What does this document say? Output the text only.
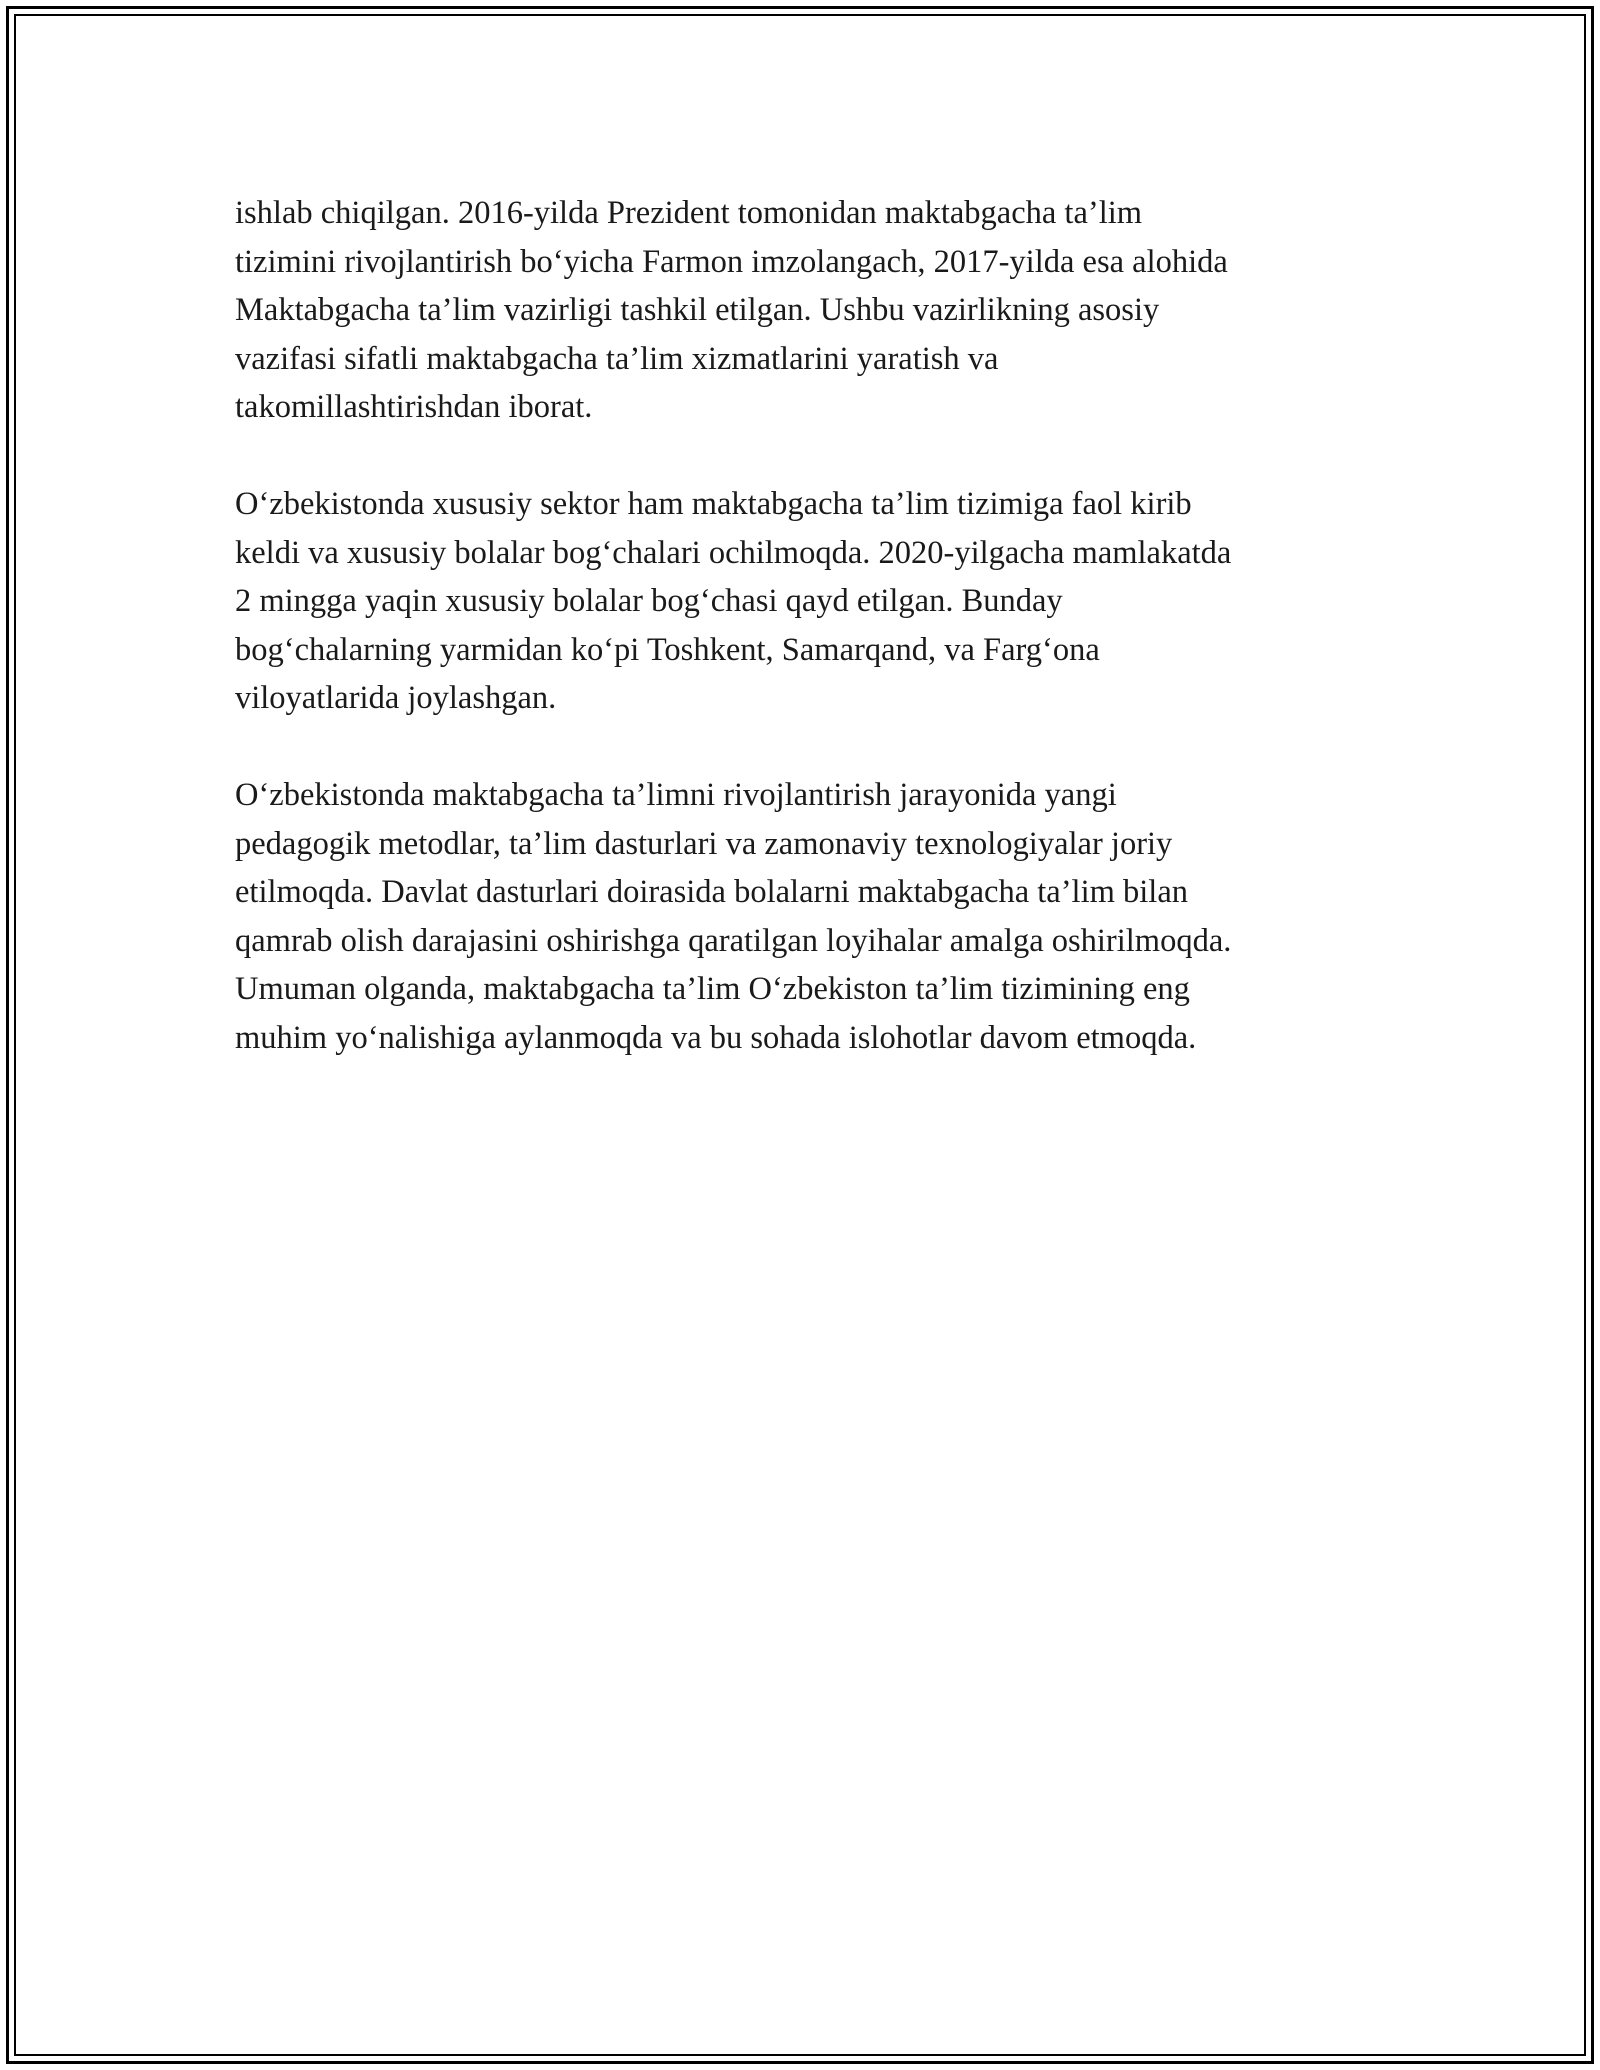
ishlab chiqilgan. 2016-yilda Prezident tomonidan maktabgacha ta’lim
tizimini rivojlantirish bo‘yicha Farmon imzolangach, 2017-yilda esa alohida
Maktabgacha ta’lim vazirligi tashkil etilgan. Ushbu vazirlikning asosiy
vazifasi sifatli maktabgacha ta’lim xizmatlarini yaratish va
takomillashtirishdan iborat.

O‘zbekistonda xususiy sektor ham maktabgacha ta’lim tizimiga faol kirib
keldi va xususiy bolalar bog‘chalari ochilmoqda. 2020-yilgacha mamlakatda
2 mingga yaqin xususiy bolalar bog‘chasi qayd etilgan. Bunday
bog‘chalarning yarmidan ko‘pi Toshkent, Samarqand, va Farg‘ona
viloyatlarida joylashgan.

O‘zbekistonda maktabgacha ta’limni rivojlantirish jarayonida yangi
pedagogik metodlar, ta’lim dasturlari va zamonaviy texnologiyalar joriy
etilmoqda. Davlat dasturlari doirasida bolalarni maktabgacha ta’lim bilan
qamrab olish darajasini oshirishga qaratilgan loyihalar amalga oshirilmoqda.
Umuman olganda, maktabgacha ta’lim O‘zbekiston ta’lim tizimining eng
muhim yo‘nalishiga aylanmoqda va bu sohada islohotlar davom etmoqda.
